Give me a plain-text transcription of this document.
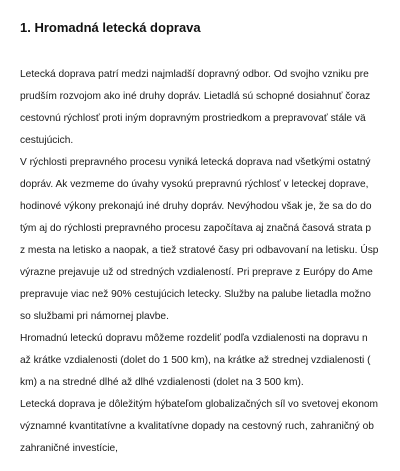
1. Hromadná letecká doprava

Letecká doprava patrí medzi najmladší dopravný odbor. Od svojho vzniku pre

prudším rozvojom ako iné druhy dopráv. Lietadlá sú schopné dosiahnuť čoraz

cestovnú rýchlosť proti iným dopravným prostriedkom a prepravovať stále vä

cestujúcich.

V rýchlosti prepravného procesu vyniká letecká doprava nad všetkými ostatný

dopráv. Ak vezmeme do úvahy vysokú prepravnú rýchlosť v leteckej doprave,

hodinové výkony prekonajú iné druhy dopráv. Nevýhodou však je, že sa do do

tým aj do rýchlosti prepravného procesu započítava aj značná časová strata p

z mesta na letisko a naopak, a tiež stratové časy pri odbavovaní na letisku. Úsp

výrazne prejavuje už od stredných vzdialeností. Pri preprave z Európy do Ame

prepravuje viac než 90% cestujúcich letecky. Služby na palube lietadla možno

so službami pri námornej plavbe.

Hromadnú leteckú dopravu môžeme rozdeliť podľa vzdialenosti na dopravu n

až krátke vzdialenosti (dolet do 1 500 km), na krátke až strednej vzdialenosti (

km) a na stredné dlhé až dlhé vzdialenosti (dolet na 3 500 km).

Letecká doprava je dôležitým hýbateľom globalizačných síl vo svetovej ekonom

významné kvantitatívne a kvalitatívne dopady na cestovný ruch, zahraničný ob

zahraničné investície,
